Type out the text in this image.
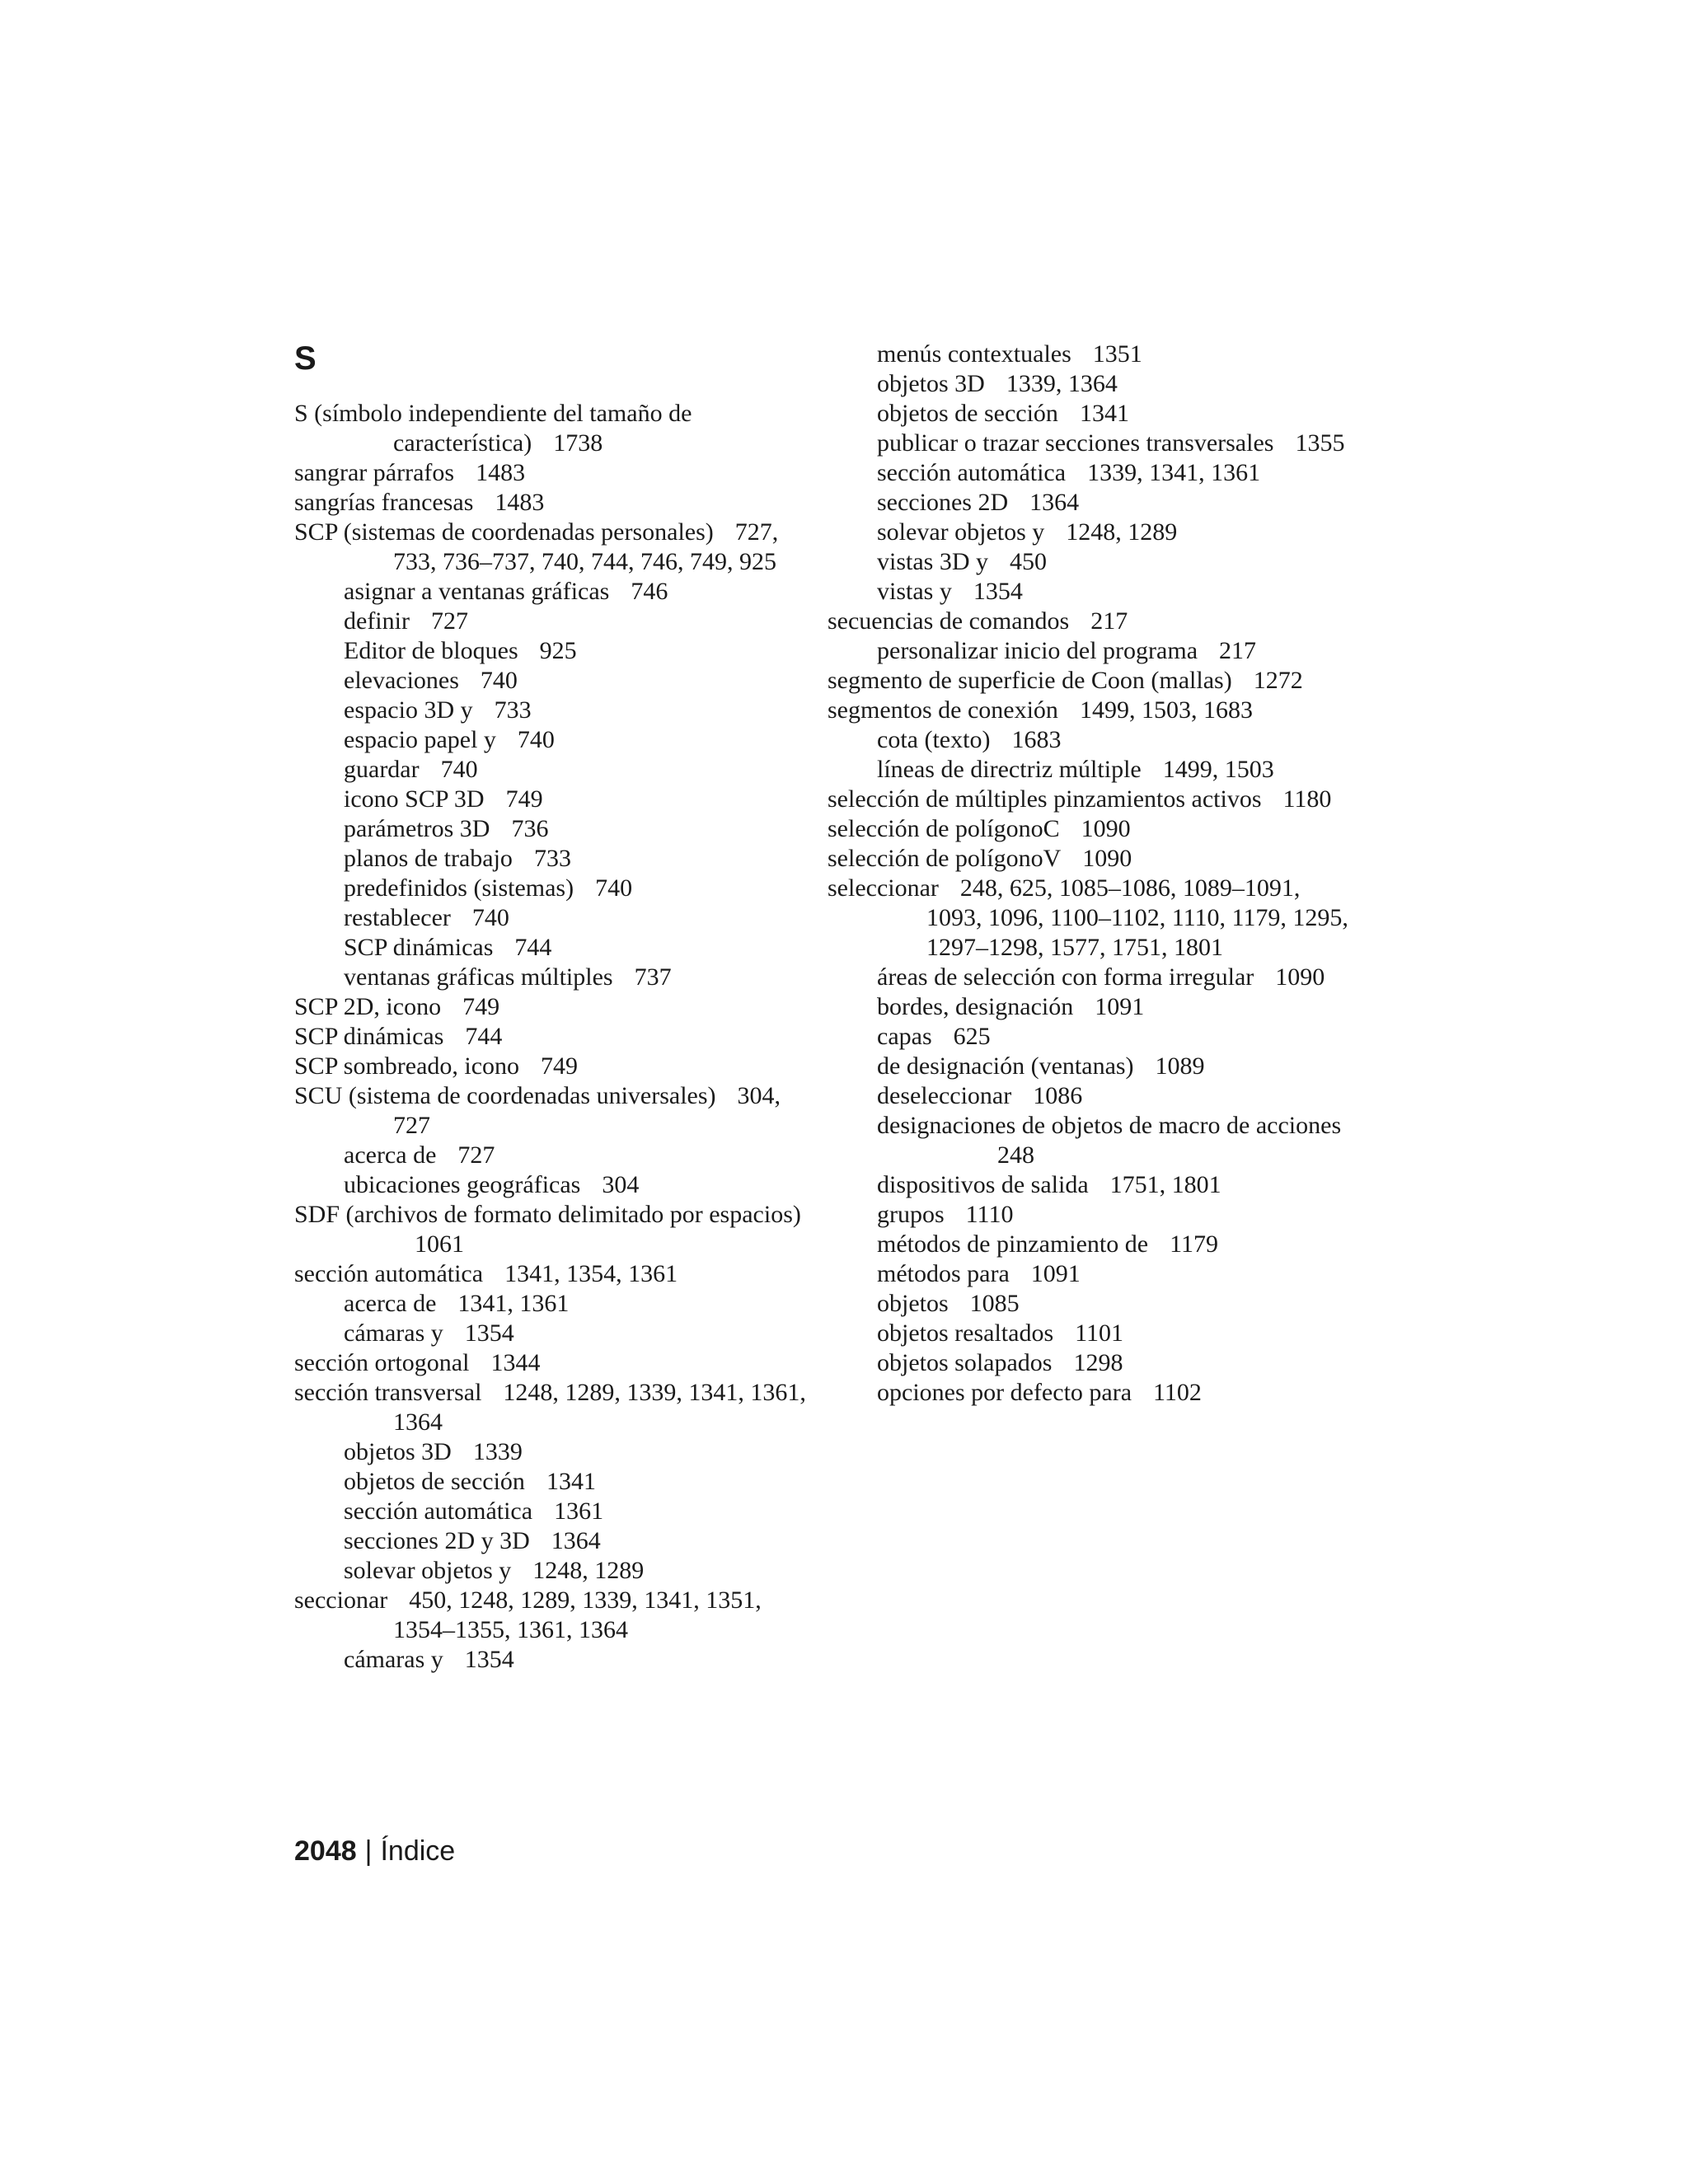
S
S (símbolo independiente del tamaño de característica) 1738
sangrar párrafos 1483
sangrías francesas 1483
SCP (sistemas de coordenadas personales) 727, 733, 736–737, 740, 744, 746, 749, 925
asignar a ventanas gráficas 746
definir 727
Editor de bloques 925
elevaciones 740
espacio 3D y 733
espacio papel y 740
guardar 740
icono SCP 3D 749
parámetros 3D 736
planos de trabajo 733
predefinidos (sistemas) 740
restablecer 740
SCP dinámicas 744
ventanas gráficas múltiples 737
SCP 2D, icono 749
SCP dinámicas 744
SCP sombreado, icono 749
SCU (sistema de coordenadas universales) 304, 727
acerca de 727
ubicaciones geográficas 304
SDF (archivos de formato delimitado por espacios)1061
sección automática 1341, 1354, 1361
acerca de 1341, 1361
cámaras y 1354
sección ortogonal 1344
sección transversal 1248, 1289, 1339, 1341, 1361, 1364
objetos 3D 1339
objetos de sección 1341
sección automática 1361
secciones 2D y 3D 1364
solevar objetos y 1248, 1289
seccionar 450, 1248, 1289, 1339, 1341, 1351, 1354–1355, 1361, 1364
cámaras y 1354
menús contextuales 1351
objetos 3D 1339, 1364
objetos de sección 1341
publicar o trazar secciones transversales 1355
sección automática 1339, 1341, 1361
secciones 2D 1364
solevar objetos y 1248, 1289
vistas 3D y 450
vistas y 1354
secuencias de comandos 217
personalizar inicio del programa 217
segmento de superficie de Coon (mallas) 1272
segmentos de conexión 1499, 1503, 1683
cota (texto) 1683
líneas de directriz múltiple 1499, 1503
selección de múltiples pinzamientos activos 1180
selección de polígonoC 1090
selección de polígonoV 1090
seleccionar 248, 625, 1085–1086, 1089–1091, 1093, 1096, 1100–1102, 1110, 1179, 1295, 1297–1298, 1577, 1751, 1801
áreas de selección con forma irregular 1090
bordes, designación 1091
capas 625
de designación (ventanas) 1089
deseleccionar 1086
designaciones de objetos de macro de acciones248
dispositivos de salida 1751, 1801
grupos 1110
métodos de pinzamiento de 1179
métodos para 1091
objetos 1085
objetos resaltados 1101
objetos solapados 1298
opciones por defecto para 1102
2048 | Índice
